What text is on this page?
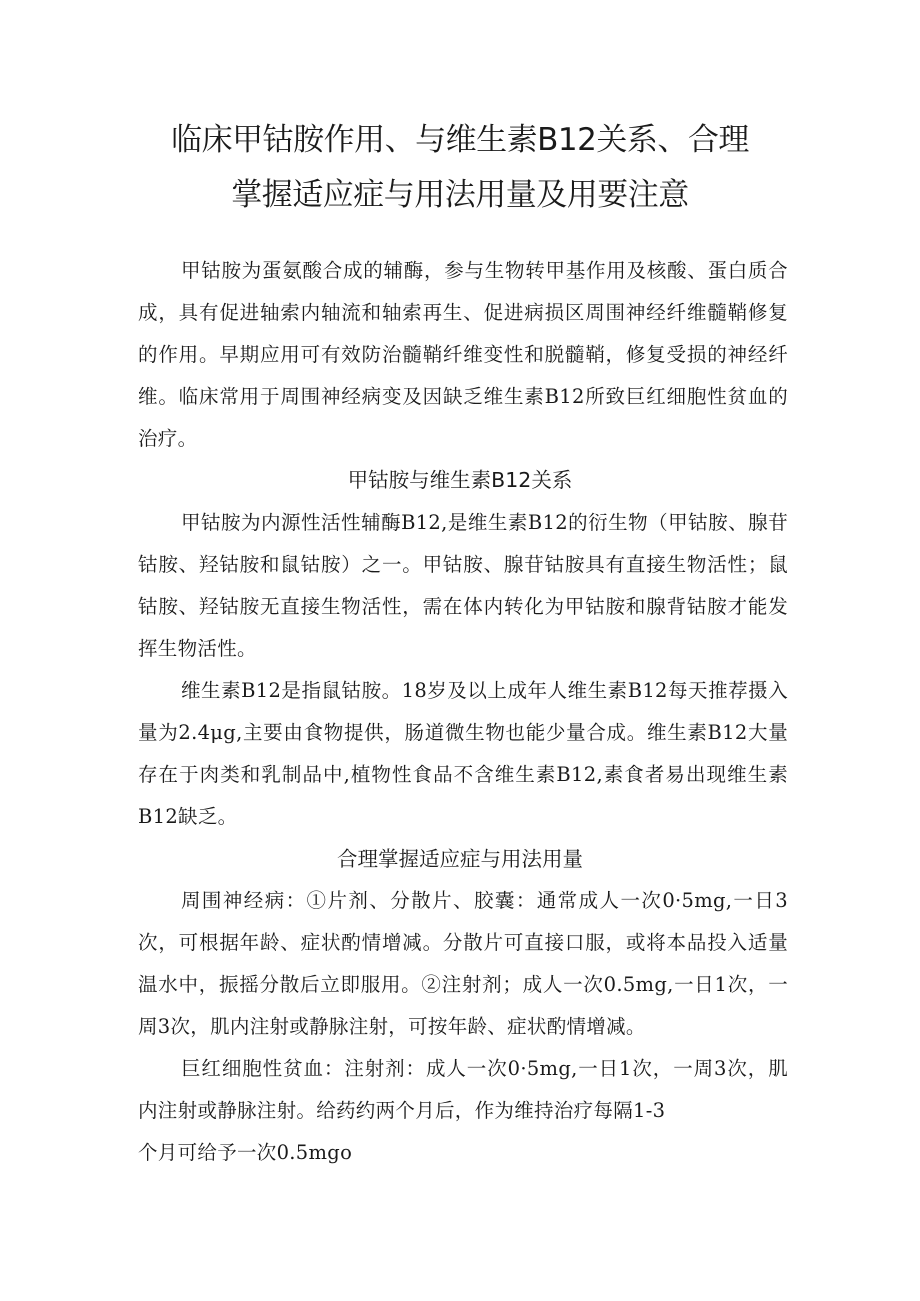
临床甲钴胺作用、与维生素B12关系、合理
掌握适应症与用法用量及用要注意

甲钴胺为蛋氨酸合成的辅酶，参与生物转甲基作用及核酸、蛋白质合成，具有促进轴索内轴流和轴索再生、促进病损区周围神经纤维髓鞘修复的作用。早期应用可有效防治髓鞘纤维变性和脱髓鞘，修复受损的神经纤维。临床常用于周围神经病变及因缺乏维生素B12所致巨红细胞性贫血的治疗。

甲钴胺与维生素B12关系

甲钴胺为内源性活性辅酶B12,是维生素B12的衍生物（甲钴胺、腺苷钴胺、羟钴胺和鼠钴胺）之一。甲钴胺、腺苷钴胺具有直接生物活性；鼠钴胺、羟钴胺无直接生物活性，需在体内转化为甲钴胺和腺背钴胺才能发挥生物活性。

维生素B12是指鼠钴胺。18岁及以上成年人维生素B12每天推荐摄入量为2.4μg,主要由食物提供，肠道微生物也能少量合成。维生素B12大量存在于肉类和乳制品中,植物性食品不含维生素B12,素食者易出现维生素B12缺乏。

合理掌握适应症与用法用量

周围神经病：①片剂、分散片、胶囊：通常成人一次0·5mg,一日3次，可根据年龄、症状酌情增减。分散片可直接口服，或将本品投入适量温水中，振摇分散后立即服用。②注射剂；成人一次0.5mg,一日1次，一周3次，肌内注射或静脉注射，可按年龄、症状酌情增减。

巨红细胞性贫血：注射剂：成人一次0·5mg,一日1次，一周3次，肌内注射或静脉注射。给药约两个月后，作为维持治疗每隔1-3

个月可给予一次0.5mgo
